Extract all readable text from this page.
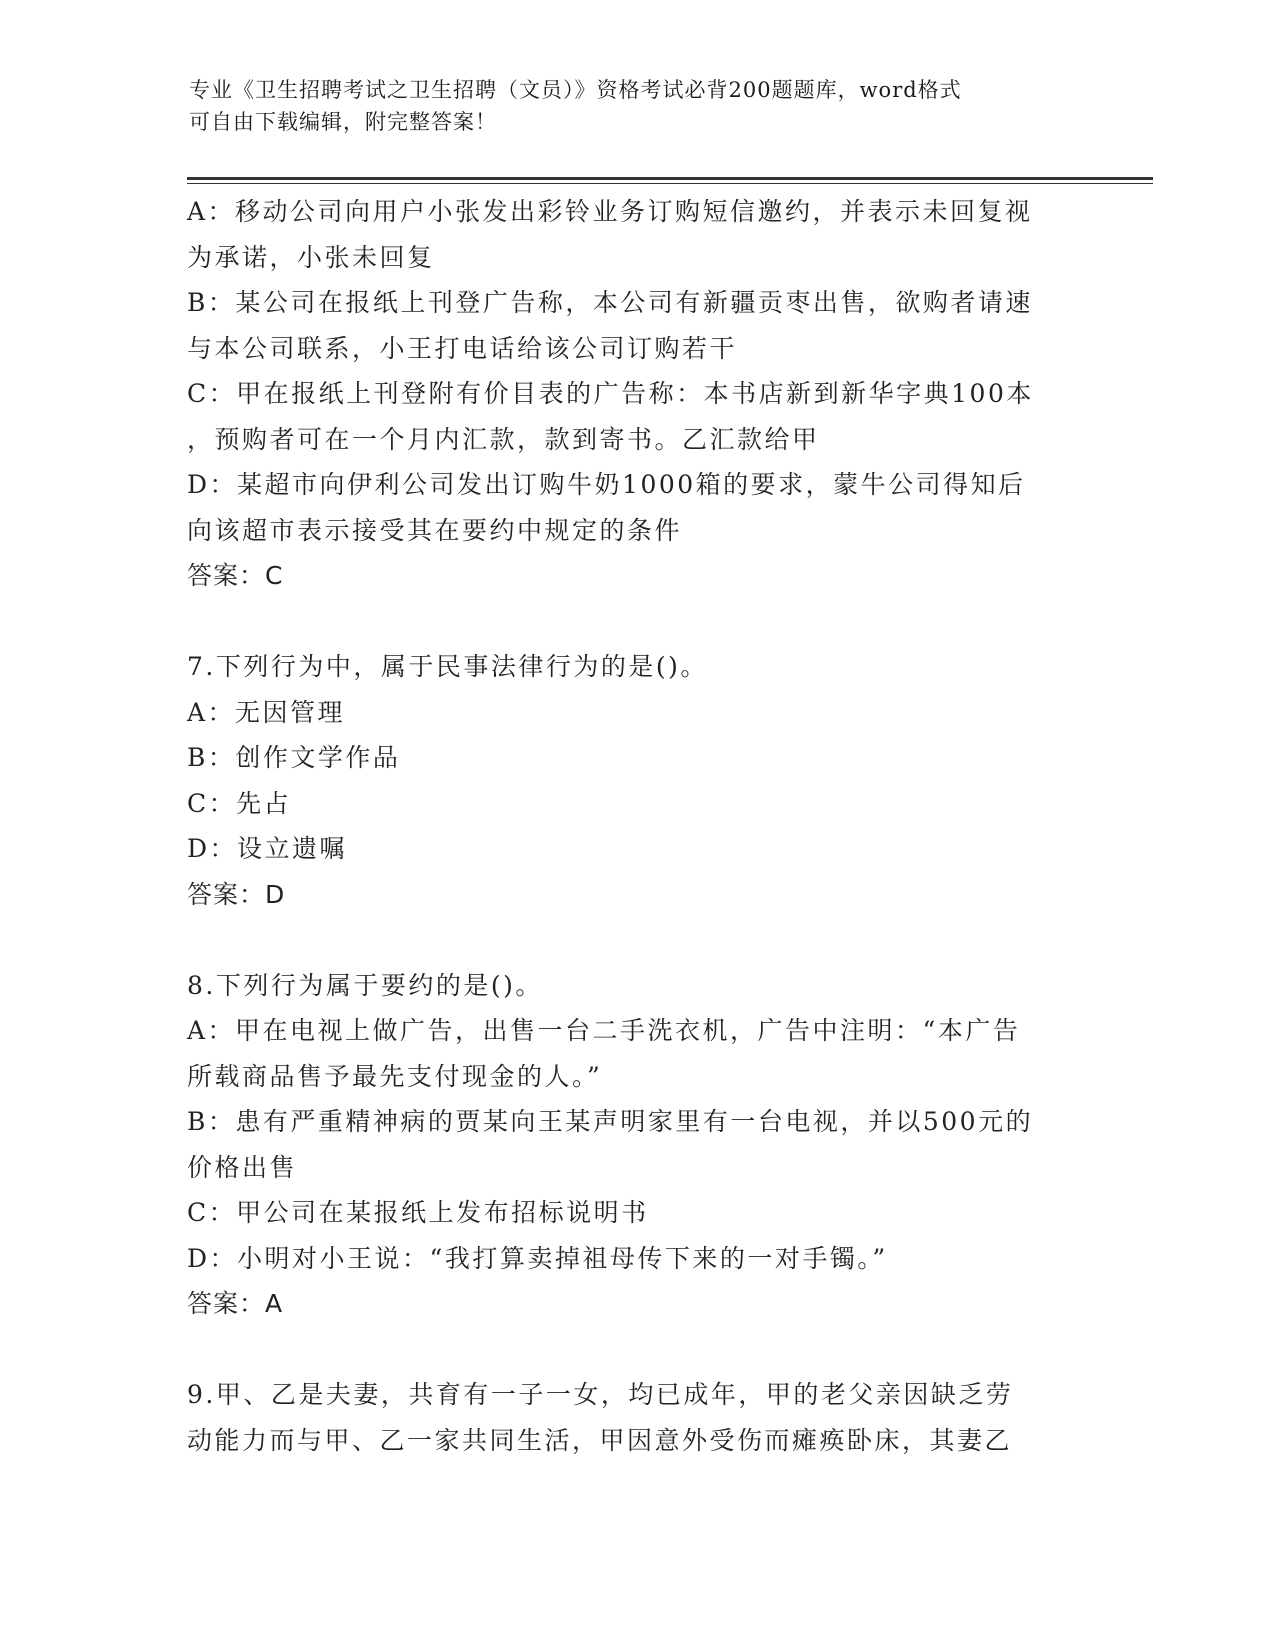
专业《卫生招聘考试之卫生招聘（文员）》资格考试必背200题题库，word格式
可自由下载编辑，附完整答案！
A：移动公司向用户小张发出彩铃业务订购短信邀约，并表示未回复视
为承诺，小张未回复
B：某公司在报纸上刊登广告称，本公司有新疆贡枣出售，欲购者请速
与本公司联系，小王打电话给该公司订购若干
C：甲在报纸上刊登附有价目表的广告称：本书店新到新华字典100本
，预购者可在一个月内汇款，款到寄书。乙汇款给甲
D：某超市向伊利公司发出订购牛奶1000箱的要求，蒙牛公司得知后
向该超市表示接受其在要约中规定的条件
答案：C
7.下列行为中，属于民事法律行为的是()。
A：无因管理
B：创作文学作品
C：先占
D：设立遗嘱
答案：D
8.下列行为属于要约的是()。
A：甲在电视上做广告，出售一台二手洗衣机，广告中注明：“本广告
所载商品售予最先支付现金的人。”
B：患有严重精神病的贾某向王某声明家里有一台电视，并以500元的
价格出售
C：甲公司在某报纸上发布招标说明书
D：小明对小王说：“我打算卖掉祖母传下来的一对手镯。”
答案：A
9.甲、乙是夫妻，共育有一子一女，均已成年，甲的老父亲因缺乏劳
动能力而与甲、乙一家共同生活，甲因意外受伤而瘫痪卧床，其妻乙
